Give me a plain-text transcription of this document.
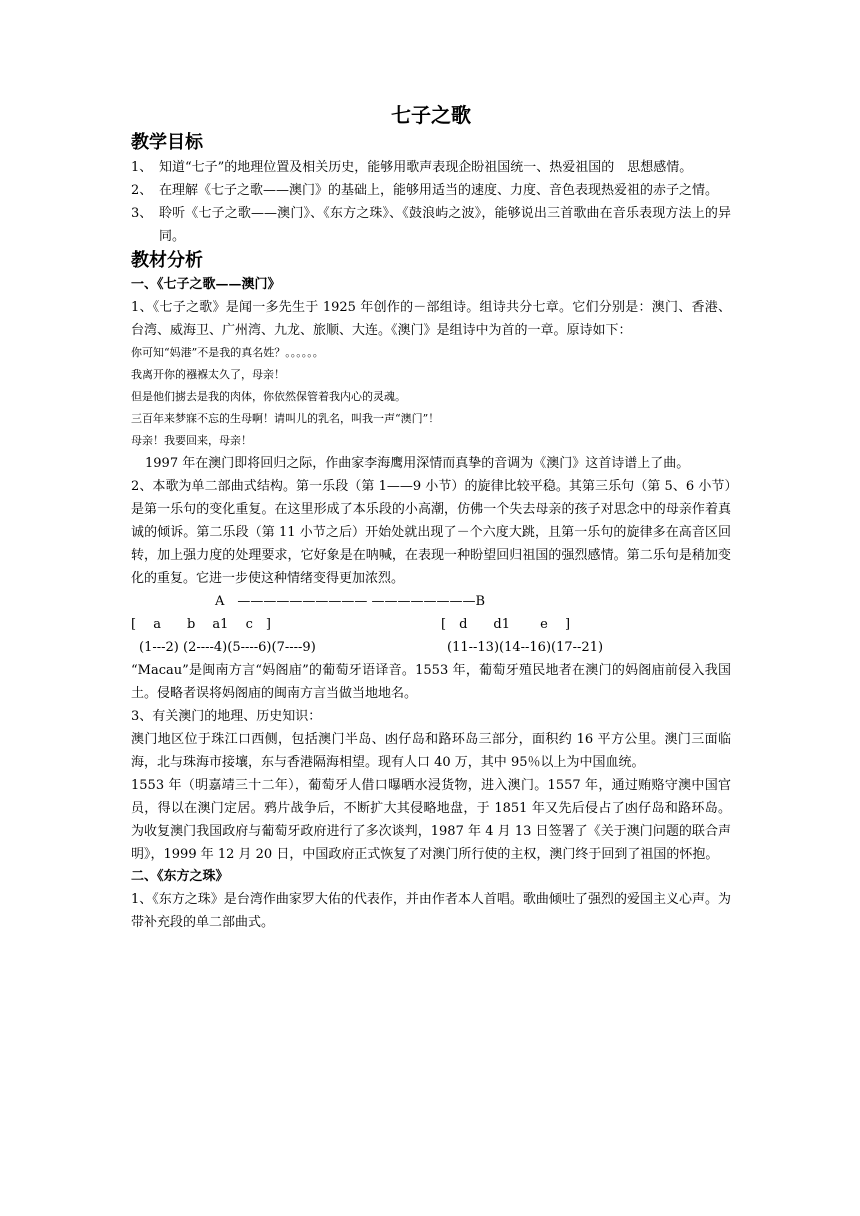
七子之歌
教学目标
1、 知道“七子”的地理位置及相关历史，能够用歌声表现企盼祖国统一、热爱祖国的　思想感情。
2、 在理解《七子之歌——澳门》的基础上，能够用适当的速度、力度、音色表现热爱祖的赤子之情。
3、 聆听《七子之歌——澳门》、《东方之珠》、《鼓浪屿之波》，能够说出三首歌曲在音乐表现方法上的异同。
教材分析
一、《七子之歌——澳门》
1、《七子之歌》是闻一多先生于 1925 年创作的－部组诗。组诗共分七章。它们分别是：澳门、香港、台湾、威海卫、广州湾、九龙、旅顺、大连。《澳门》是组诗中为首的一章。原诗如下：
你可知“妈港”不是我的真名姓？。。。。。。
我离开你的襁褓太久了，母亲！
但是他们掳去是我的肉体，你依然保管着我内心的灵魂。
三百年来梦寐不忘的生母啊！请叫儿的乳名，叫我一声“澳门”！
母亲！我要回来，母亲！
1997 年在澳门即将回归之际，作曲家李海鹰用深情而真挚的音调为《澳门》这首诗谱上了曲。
2、本歌为单二部曲式结构。第一乐段（第 1——9 小节）的旋律比较平稳。其第三乐句（第 5、6 小节）是第一乐句的变化重复。在这里形成了本乐段的小高潮，仿佛一个失去母亲的孩子对思念中的母亲作着真诚的倾诉。第二乐段（第 11 小节之后）开始处就出现了－个六度大跳，且第一乐句的旋律多在高音区回转，加上强力度的处理要求，它好象是在呐喊，在表现一种盼望回归祖国的强烈感情。第二乐句是稍加变化的重复。它进一步使这种情绪变得更加浓烈。

A　—————————— ————————B

[ 　a　　b　 a1　 c　]

	[　d　　d1　　 e　 ]

(1---2) (2----4)(5----6)(7----9)

	(11--13)(14--16)(17--21)

“Macau”是闽南方言“妈阁庙”的葡萄牙语译音。1553 年，葡萄牙殖民地者在澳门的妈阁庙前侵入我国土。侵略者误将妈阁庙的闽南方言当做当地地名。
3、有关澳门的地理、历史知识：
澳门地区位于珠江口西侧，包括澳门半岛、凼仔岛和路环岛三部分，面积约 16 平方公里。澳门三面临海，北与珠海市接壤，东与香港隔海相望。现有人口 40 万，其中 95％以上为中国血统。
1553 年（明嘉靖三十二年），葡萄牙人借口曝晒水浸货物，进入澳门。1557 年，通过贿赂守澳中国官员，得以在澳门定居。鸦片战争后，不断扩大其侵略地盘，于 1851 年又先后侵占了凼仔岛和路环岛。为收复澳门我国政府与葡萄牙政府进行了多次谈判，1987 年 4 月 13 日签署了《关于澳门问题的联合声明》，1999 年 12 月 20 日，中国政府正式恢复了对澳门所行使的主权，澳门终于回到了祖国的怀抱。
二、《东方之珠》
1、《东方之珠》是台湾作曲家罗大佑的代表作，并由作者本人首唱。歌曲倾吐了强烈的爱国主义心声。为带补充段的单二部曲式。
